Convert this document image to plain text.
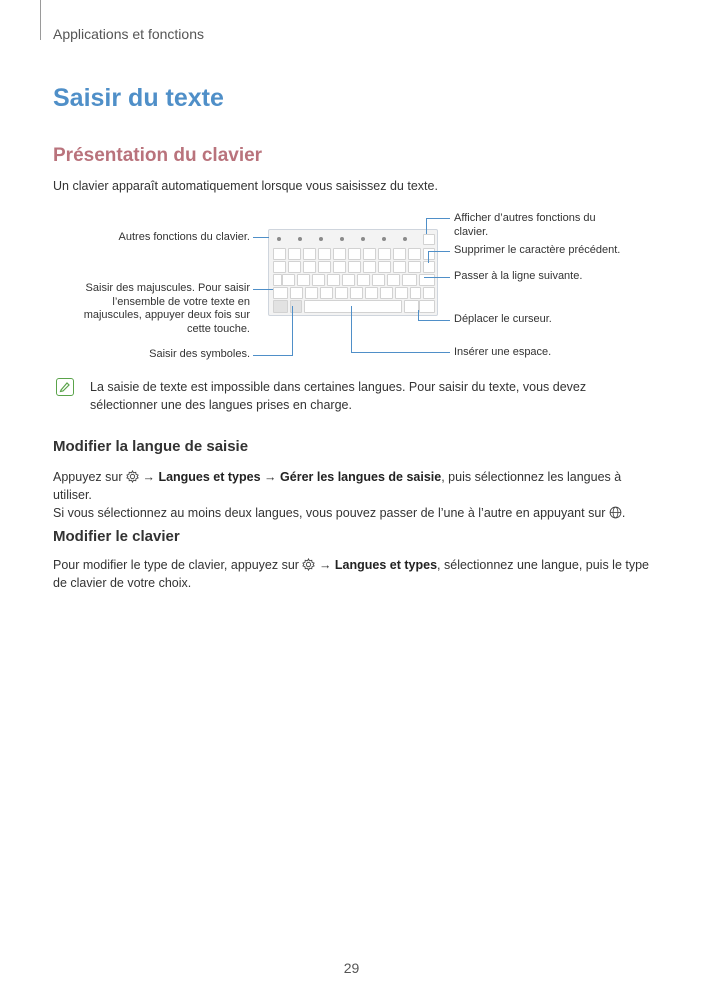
Applications et fonctions
Saisir du texte
Présentation du clavier
Un clavier apparaît automatiquement lorsque vous saisissez du texte.
Autres fonctions du clavier.
Saisir des majuscules. Pour saisir l’ensemble de votre texte en majuscules, appuyer deux fois sur cette touche.
Saisir des symboles.
Afficher d’autres fonctions du clavier.
Supprimer le caractère précédent.
Passer à la ligne suivante.
Déplacer le curseur.
Insérer une espace.
La saisie de texte est impossible dans certaines langues. Pour saisir du texte, vous devez sélectionner une des langues prises en charge.
Modifier la langue de saisie
Appuyez sur → Langues et types → Gérer les langues de saisie, puis sélectionnez les langues à utiliser.
Si vous sélectionnez au moins deux langues, vous pouvez passer de l’une à l’autre en appuyant sur .
Modifier le clavier
Pour modifier le type de clavier, appuyez sur → Langues et types, sélectionnez une langue, puis le type
de clavier de votre choix.
29
